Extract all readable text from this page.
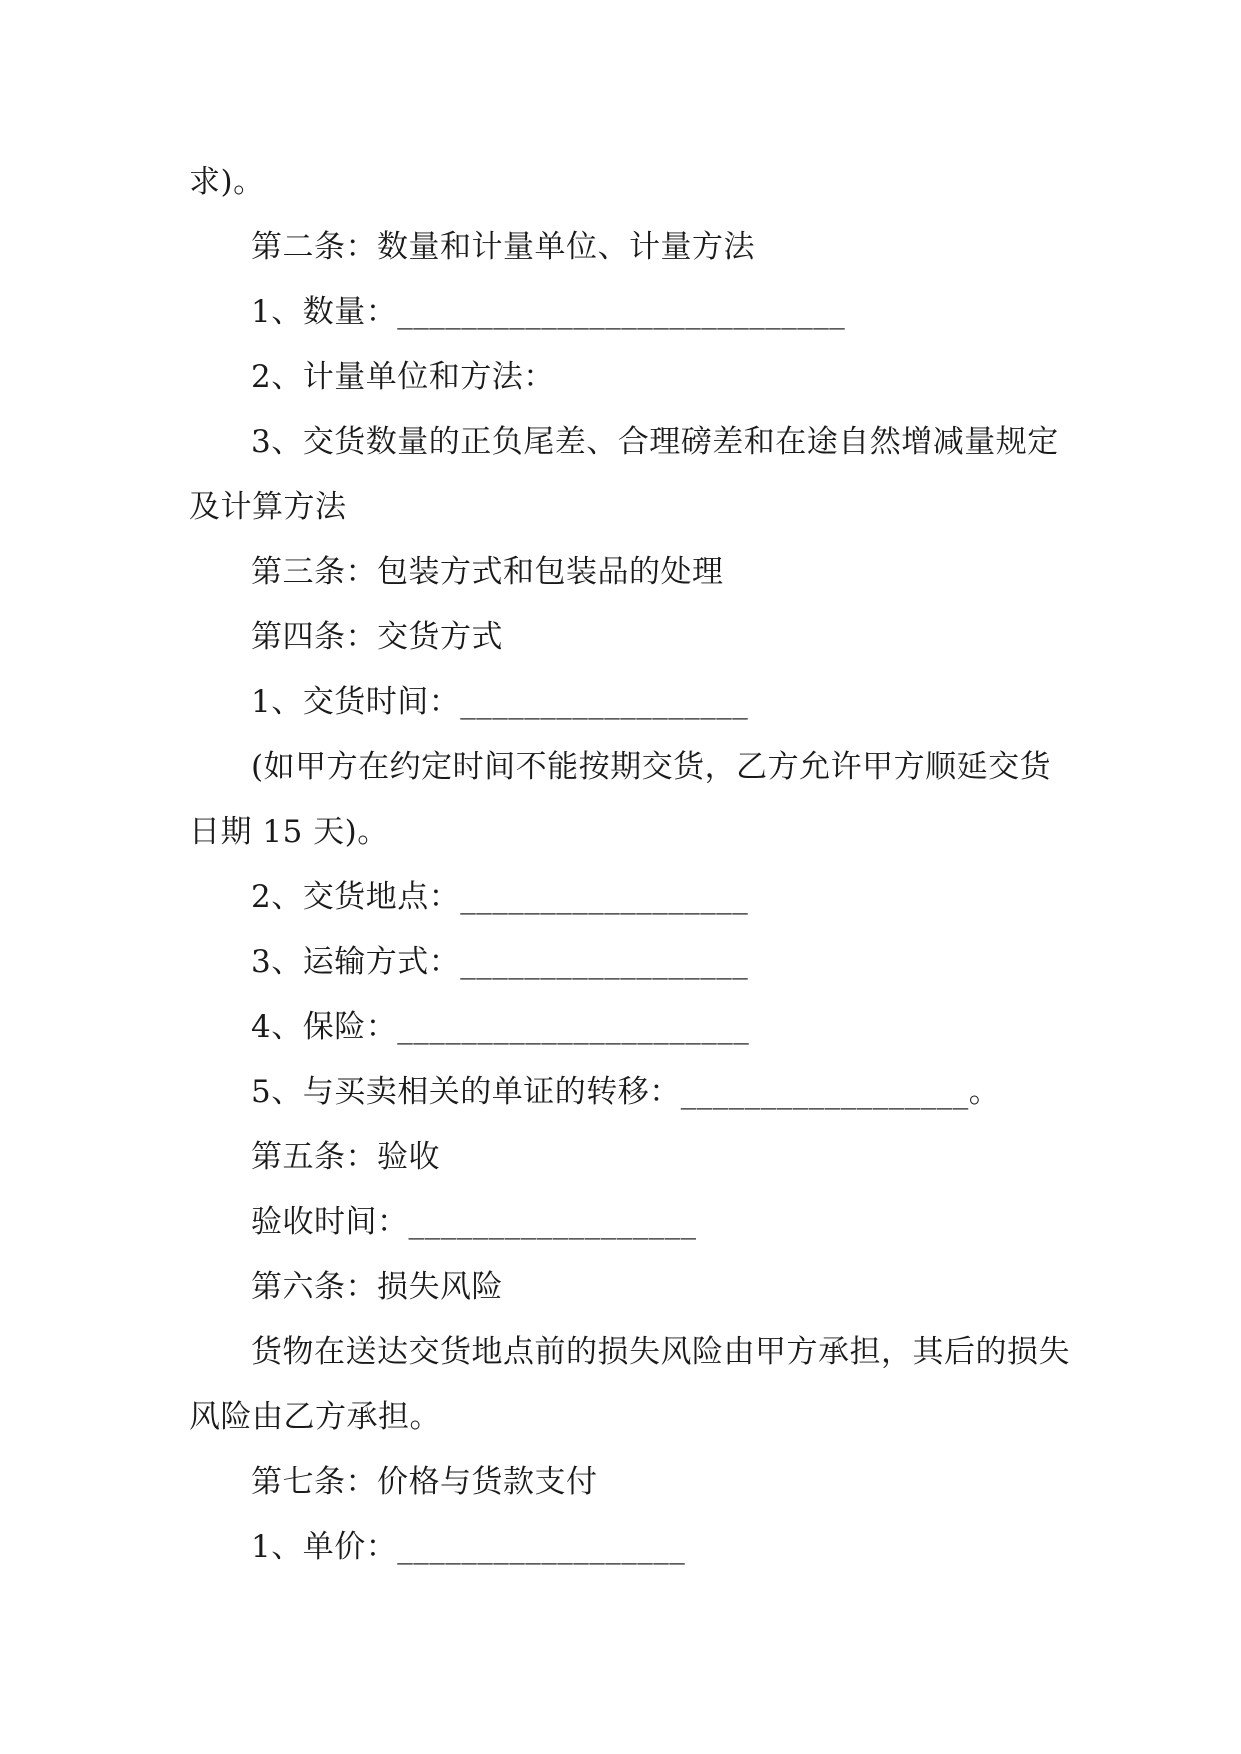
求)。
第二条：数量和计量单位、计量方法
1、数量：____________________________
2、计量单位和方法：
3、交货数量的正负尾差、合理磅差和在途自然增减量规定
及计算方法
第三条：包装方式和包装品的处理
第四条：交货方式
1、交货时间：__________________
(如甲方在约定时间不能按期交货，乙方允许甲方顺延交货
日期 15 天)。
2、交货地点：__________________
3、运输方式：__________________
4、保险：______________________
5、与买卖相关的单证的转移：__________________。
第五条：验收
验收时间：__________________
第六条：损失风险
货物在送达交货地点前的损失风险由甲方承担，其后的损失
风险由乙方承担。
第七条：价格与货款支付
1、单价：__________________
